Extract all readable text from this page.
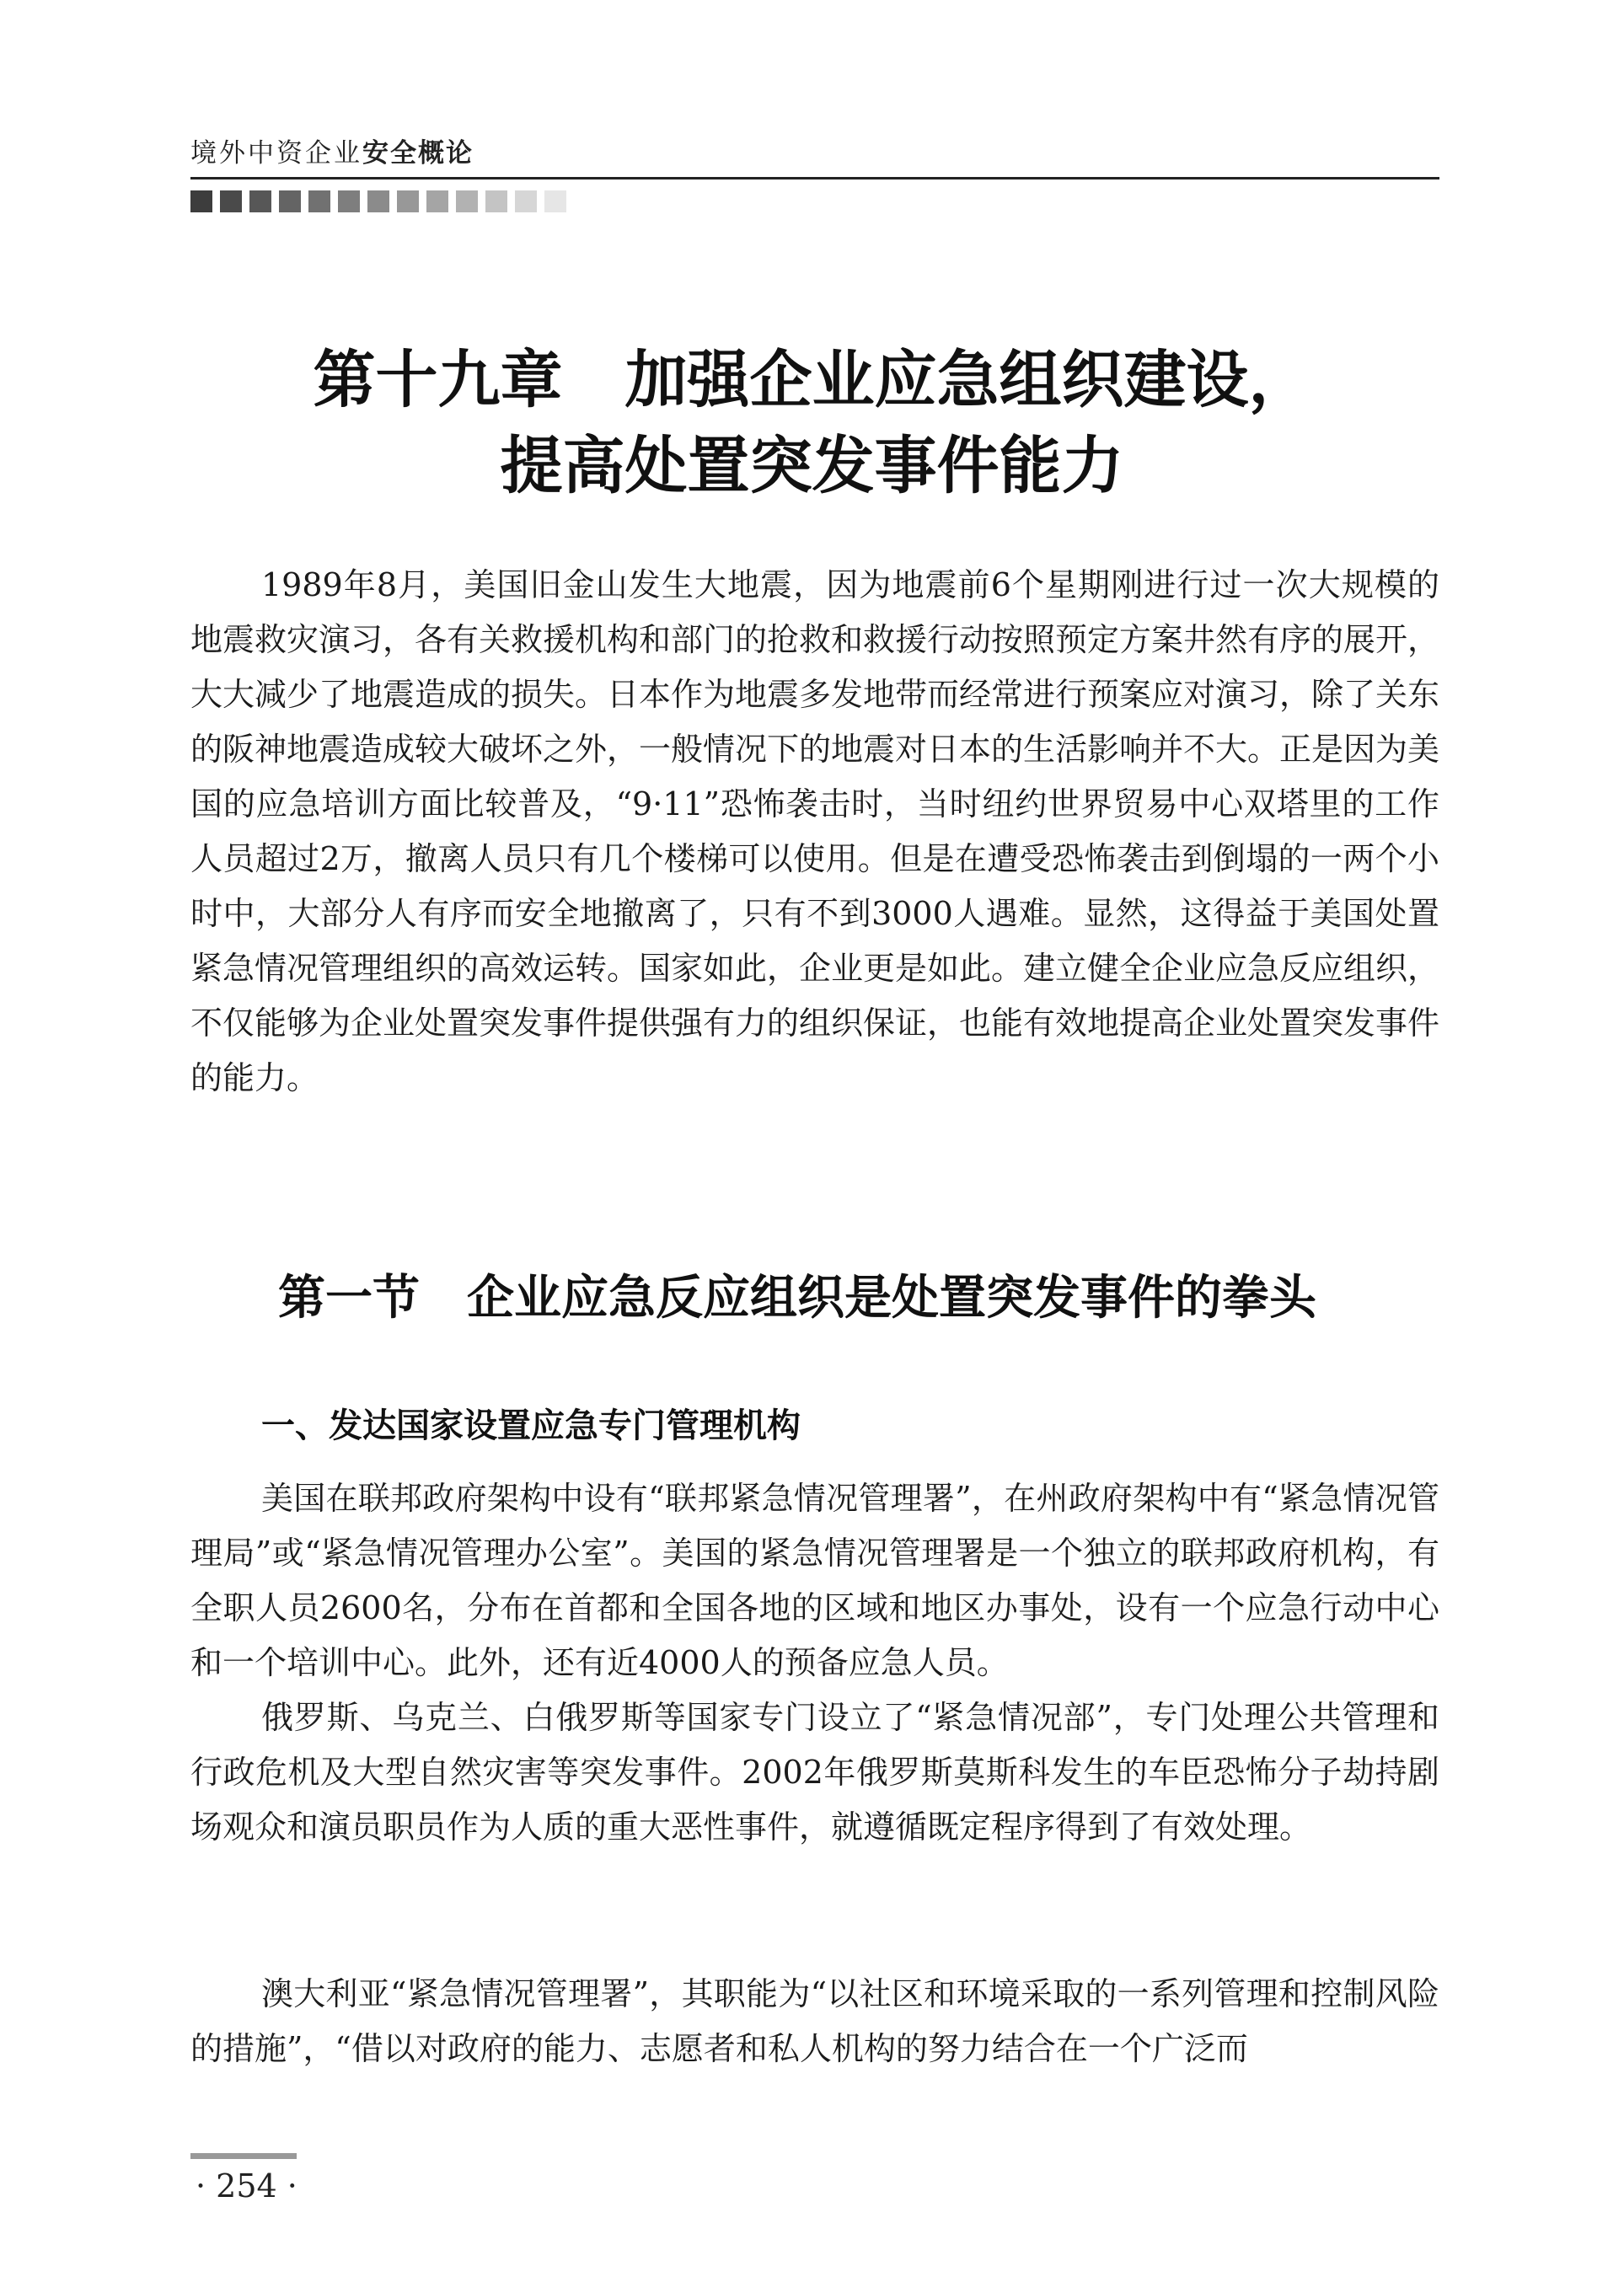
境外中资企业安全概论
第十九章　加强企业应急组织建设，
提高处置突发事件能力

1989年8月，美国旧金山发生大地震，因为地震前6个星期刚进行过一次大规模的地震救灾演习，各有关救援机构和部门的抢救和救援行动按照预定方案井然有序的展开，大大减少了地震造成的损失。日本作为地震多发地带而经常进行预案应对演习，除了关东的阪神地震造成较大破坏之外，一般情况下的地震对日本的生活影响并不大。正是因为美国的应急培训方面比较普及，“9·11”恐怖袭击时，当时纽约世界贸易中心双塔里的工作人员超过2万，撤离人员只有几个楼梯可以使用。但是在遭受恐怖袭击到倒塌的一两个小时中，大部分人有序而安全地撤离了，只有不到3000人遇难。显然，这得益于美国处置紧急情况管理组织的高效运转。国家如此，企业更是如此。建立健全企业应急反应组织，不仅能够为企业处置突发事件提供强有力的组织保证，也能有效地提高企业处置突发事件的能力。

第一节　企业应急反应组织是处置突发事件的拳头
一、发达国家设置应急专门管理机构

美国在联邦政府架构中设有“联邦紧急情况管理署”，在州政府架构中有“紧急情况管理局”或“紧急情况管理办公室”。美国的紧急情况管理署是一个独立的联邦政府机构，有全职人员2600名，分布在首都和全国各地的区域和地区办事处，设有一个应急行动中心和一个培训中心。此外，还有近4000人的预备应急人员。

俄罗斯、乌克兰、白俄罗斯等国家专门设立了“紧急情况部”，专门处理公共管理和行政危机及大型自然灾害等突发事件。2002年俄罗斯莫斯科发生的车臣恐怖分子劫持剧场观众和演员职员作为人质的重大恶性事件，就遵循既定程序得到了有效处理。

澳大利亚“紧急情况管理署”，其职能为“以社区和环境采取的一系列管理和控制风险的措施”，“借以对政府的能力、志愿者和私人机构的努力结合在一个广泛而

· 254 ·
